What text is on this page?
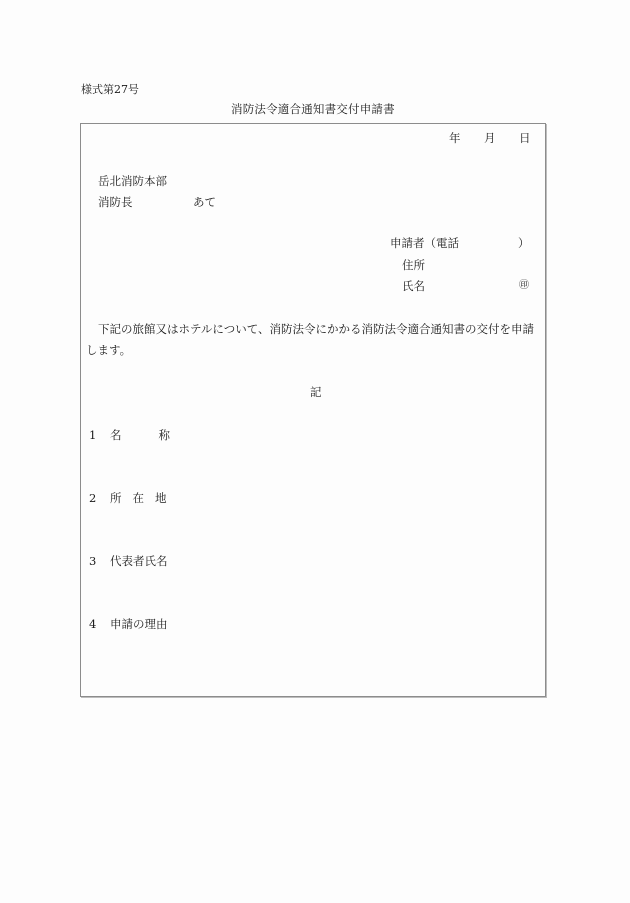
様式第27号
消防法令適合通知書交付申請書
年 月 日
岳北消防本部
消防長	あて
申請者（電話	）
住所
氏名	㊞
下記の旅館又はホテルについて、消防法令にかかる消防法令適合通知書の交付を申請
します。
記
1 名称
2 所在地
3 代表者氏名
4 申請の理由
